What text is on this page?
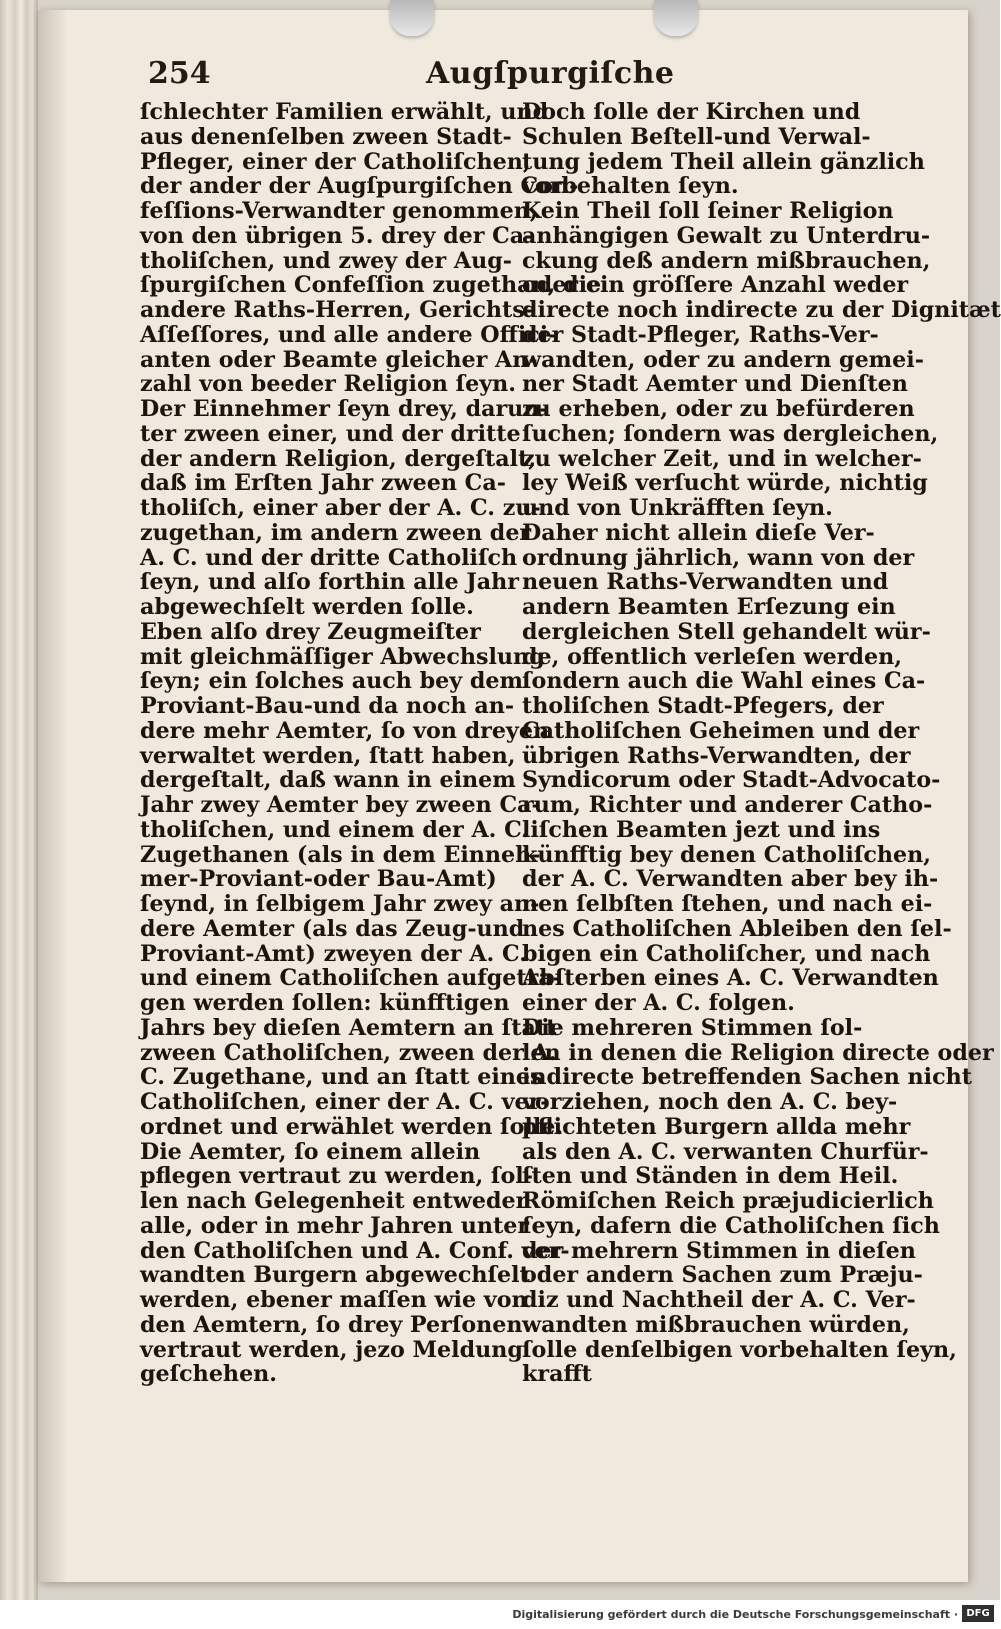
254	Augſpurgiſche
ſchlechter Familien erwählt, und
aus denenſelben zween Stadt-
Pfleger, einer der Catholiſchen,
der ander der Augſpurgiſchen Con-
feſſions-Verwandter genommen,
von den übrigen 5. drey der Ca-
tholiſchen, und zwey der Aug-
ſpurgiſchen Confeſſion zugethan, die
andere Raths-Herren, Gerichts-
Aſſeſſores, und alle andere Offici-
anten oder Beamte gleicher An-
zahl von beeder Religion ſeyn.
Der Einnehmer ſeyn drey, darun-
ter zween einer, und der dritte
der andern Religion, dergeſtalt,
daß im Erſten Jahr zween Ca-
tholiſch, einer aber der A. C. zu-
zugethan, im andern zween der
A. C. und der dritte Catholiſch
ſeyn, und alſo forthin alle Jahr
abgewechſelt werden ſolle.
Eben alſo drey Zeugmeiſter
mit gleichmäſſiger Abwechslung
ſeyn; ein ſolches auch bey dem
Proviant-Bau-und da noch an-
dere mehr Aemter, ſo von dreyen
verwaltet werden, ſtatt haben,
dergeſtalt, daß wann in einem
Jahr zwey Aemter bey zween Ca-
tholiſchen, und einem der A. C.
Zugethanen (als in dem Einneh-
mer-Proviant-oder Bau-Amt)
ſeynd, in ſelbigem Jahr zwey an-
dere Aemter (als das Zeug-und
Proviant-Amt) zweyen der A. C.
und einem Catholiſchen aufgetra-
gen werden ſollen: künfftigen
Jahrs bey dieſen Aemtern an ſtatt
zween Catholiſchen, zween der A.
C. Zugethane, und an ſtatt eines
Catholiſchen, einer der A. C. ver-
ordnet und erwählet werden ſolle.
Die Aemter, ſo einem allein
pflegen vertraut zu werden, ſol-
len nach Gelegenheit entweder
alle, oder in mehr Jahren unter
den Catholiſchen und A. Conf. ver-
wandten Burgern abgewechſelt
werden, ebener maſſen wie von
den Aemtern, ſo drey Perſonen
vertraut werden, jezo Meldung
geſchehen.
Doch ſolle der Kirchen und
Schulen Beſtell-und Verwal-
tung jedem Theil allein gänzlich
vorbehalten ſeyn.
Kein Theil ſoll ſeiner Religion
anhängigen Gewalt zu Unterdru-
ckung deß andern mißbrauchen,
oder ein gröſſere Anzahl weder
directe noch indirecte zu der Dignitæt
der Stadt-Pfleger, Raths-Ver-
wandten, oder zu andern gemei-
ner Stadt Aemter und Dienſten
zu erheben, oder zu befürderen
ſuchen; ſondern was dergleichen,
zu welcher Zeit, und in welcher-
ley Weiß verſucht würde, nichtig
und von Unkräfften ſeyn.
Daher nicht allein dieſe Ver-
ordnung jährlich, wann von der
neuen Raths-Verwandten und
andern Beamten Erſezung ein
dergleichen Stell gehandelt wür-
de, offentlich verleſen werden,
ſondern auch die Wahl eines Ca-
tholiſchen Stadt-Pfegers, der
Catholiſchen Geheimen und der
übrigen Raths-Verwandten, der
Syndicorum oder Stadt-Advocato-
rum, Richter und anderer Catho-
liſchen Beamten jezt und ins
künfftig bey denen Catholiſchen,
der A. C. Verwandten aber bey ih-
nen ſelbſten ſtehen, und nach ei-
nes Catholiſchen Ableiben den ſel-
bigen ein Catholiſcher, und nach
Abſterben eines A. C. Verwandten
einer der A. C. folgen.
Die mehreren Stimmen ſol-
len in denen die Religion directe oder
indirecte betreffenden Sachen nicht
vorziehen, noch den A. C. bey-
pflichteten Burgern allda mehr
als den A. C. verwanten Churfür-
ſten und Ständen in dem Heil.
Römiſchen Reich præjudicierlich
ſeyn, dafern die Catholiſchen ſich
der mehrern Stimmen in dieſen
oder andern Sachen zum Præju-
diz und Nachtheil der A. C. Ver-
wandten mißbrauchen würden,
ſolle denſelbigen vorbehalten ſeyn,
krafft
Digitalisierung gefördert durch die Deutsche Forschungsgemeinschaft · DFG
